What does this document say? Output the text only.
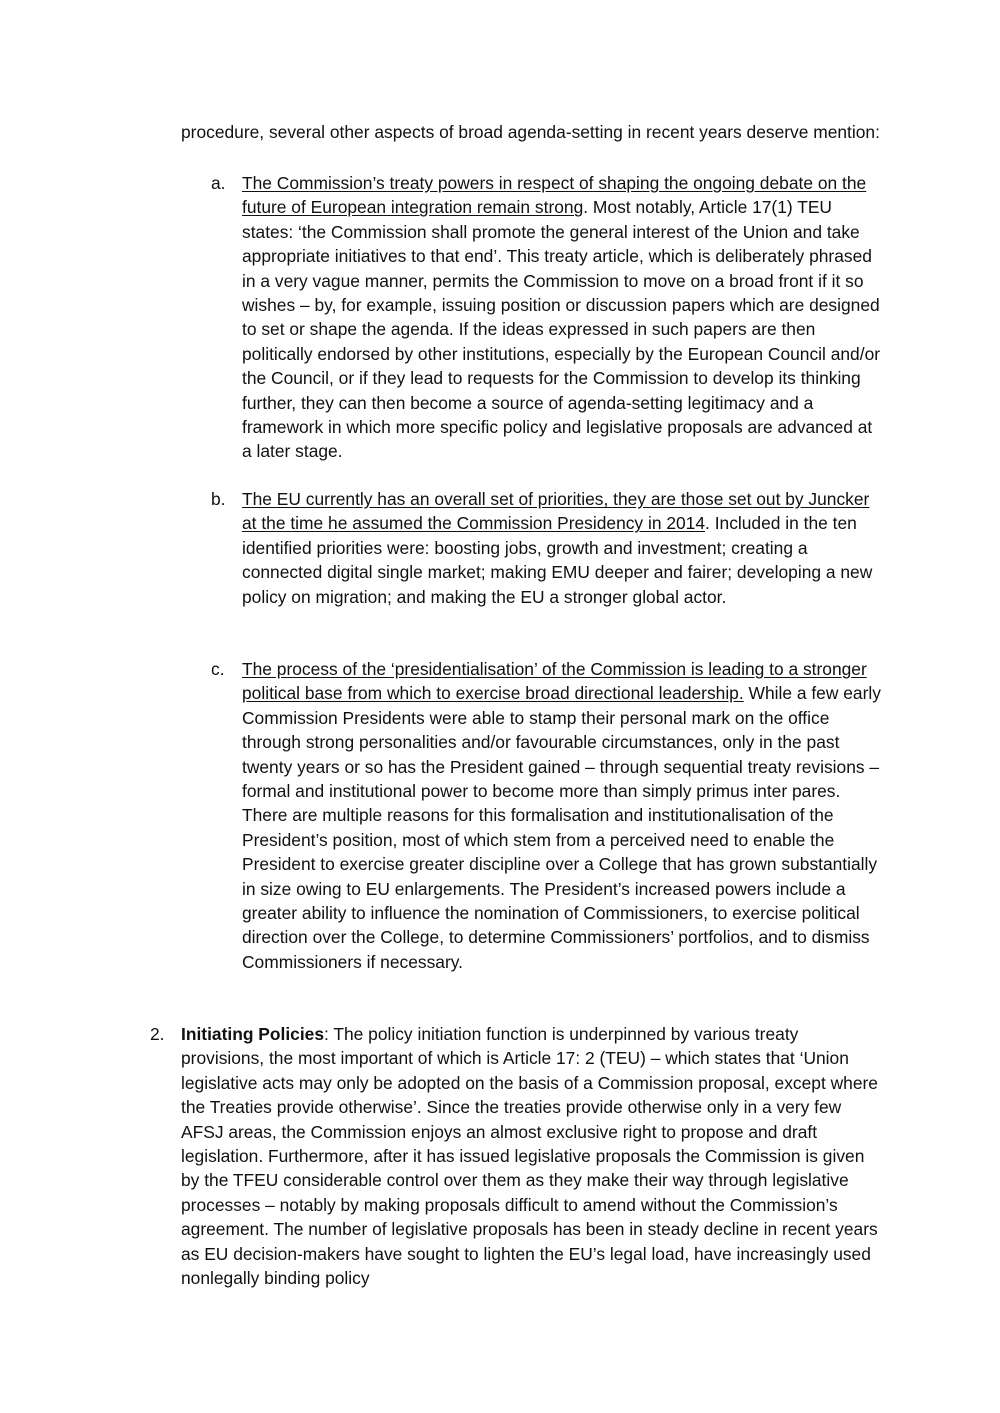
procedure, several other aspects of broad agenda-setting in recent years deserve mention:

a. The Commission’s treaty powers in respect of shaping the ongoing debate on the future of European integration remain strong. Most notably, Article 17(1) TEU states: ‘the Commission shall promote the general interest of the Union and take appropriate initiatives to that end’. This treaty article, which is deliberately phrased in a very vague manner, permits the Commission to move on a broad front if it so wishes – by, for example, issuing position or discussion papers which are designed to set or shape the agenda. If the ideas expressed in such papers are then politically endorsed by other institutions, especially by the European Council and/or the Council, or if they lead to requests for the Commission to develop its thinking further, they can then become a source of agenda-setting legitimacy and a framework in which more specific policy and legislative proposals are advanced at a later stage.

b. The EU currently has an overall set of priorities, they are those set out by Juncker at the time he assumed the Commission Presidency in 2014. Included in the ten identified priorities were: boosting jobs, growth and investment; creating a connected digital single market; making EMU deeper and fairer; developing a new policy on migration; and making the EU a stronger global actor.

c.	The process of the ‘presidentialisation’ of the Commission is leading to a stronger political base from which to exercise broad directional leadership. While a few early Commission Presidents were able to stamp their personal mark on the office through strong personalities and/or favourable circumstances, only in the past twenty years or so has the President gained – through sequential treaty revisions – formal and institutional power to become more than simply primus inter pares. There are multiple reasons for this formalisation and institutionalisation of the President’s position, most of which stem from a perceived need to enable the President to exercise greater discipline over a College that has grown substantially in size owing to EU enlargements. The President’s increased powers include a greater ability to influence the nomination of Commissioners, to exercise political direction over the College, to determine Commissioners’ portfolios, and to dismiss Commissioners if necessary.

2. Initiating Policies: The policy initiation function is underpinned by various treaty provisions, the most important of which is Article 17: 2 (TEU) – which states that ‘Union legislative acts may only be adopted on the basis of a Commission proposal, except where the Treaties provide otherwise’. Since the treaties provide otherwise only in a very few AFSJ areas, the Commission enjoys an almost exclusive right to propose and draft legislation. Furthermore, after it has issued legislative proposals the Commission is given by the TFEU considerable control over them as they make their way through legislative processes – notably by making proposals difficult to amend without the Commission’s agreement. The number of legislative proposals has been in steady decline in recent years as EU decision-makers have sought to lighten the EU’s legal load, have increasingly used nonlegally binding policy
